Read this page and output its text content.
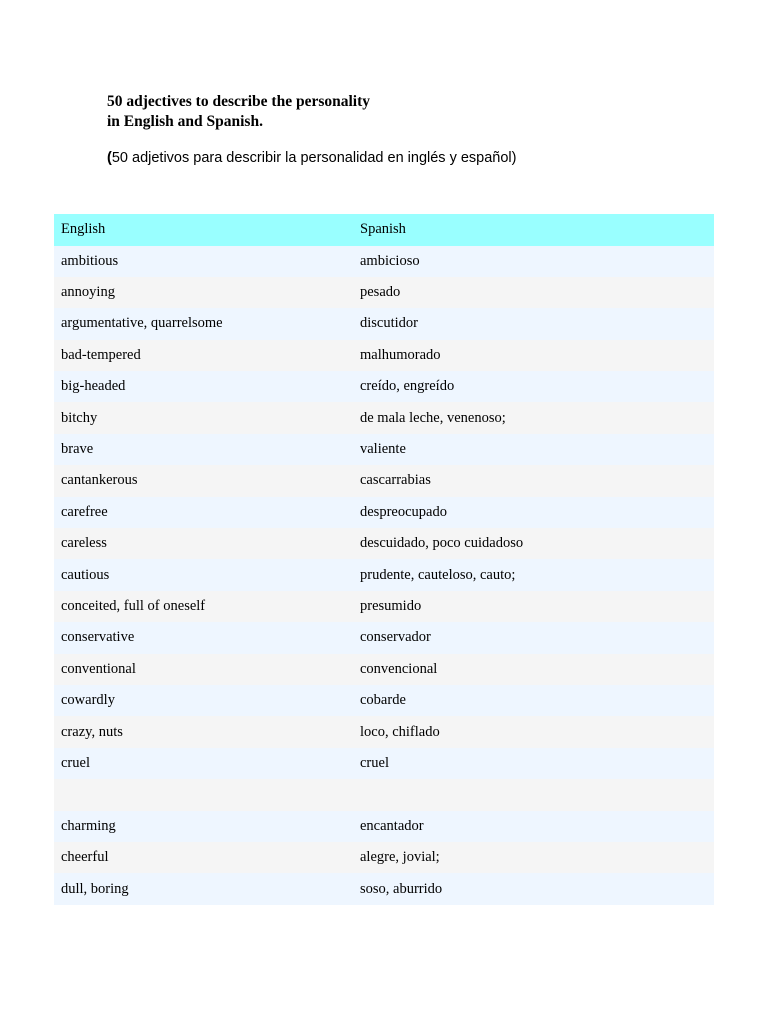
50 adjectives to describe the personality
in English and Spanish.
(50 adjetivos para describir la personalidad en inglés y español)
English	Spanish
ambitious	ambicioso
annoying	pesado
argumentative, quarrelsome	discutidor
bad-tempered	malhumorado
big-headed	creído, engreído
bitchy	de mala leche, venenoso;
brave	valiente
cantankerous	cascarrabias
carefree	despreocupado
careless	descuidado, poco cuidadoso
cautious	prudente, cauteloso, cauto;
conceited, full of oneself	presumido
conservative	conservador
conventional	convencional
cowardly	cobarde
crazy, nuts	loco, chiflado
cruel	cruel
charming	encantador
cheerful	alegre, jovial;
dull, boring	soso, aburrido
